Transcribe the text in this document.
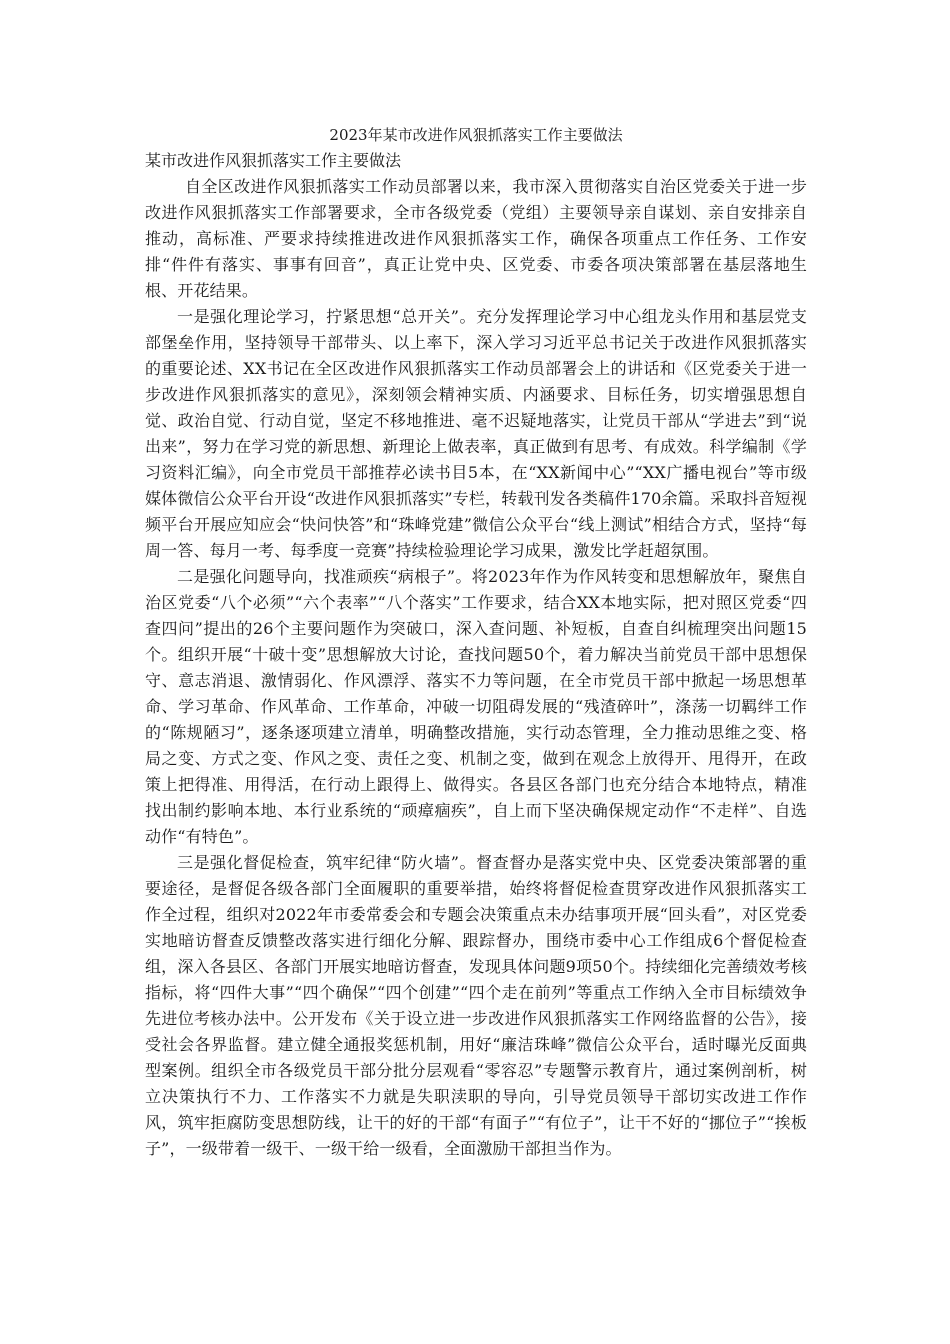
2023年某市改进作风狠抓落实工作主要做法

某市改进作风狠抓落实工作主要做法

自全区改进作风狠抓落实工作动员部署以来，我市深入贯彻落实自治区党委关于进一步改进作风狠抓落实工作部署要求，全市各级党委（党组）主要领导亲自谋划、亲自安排亲自推动，高标准、严要求持续推进改进作风狠抓落实工作，确保各项重点工作任务、工作安排“件件有落实、事事有回音”，真正让党中央、区党委、市委各项决策部署在基层落地生根、开花结果。

一是强化理论学习，拧紧思想“总开关”。充分发挥理论学习中心组龙头作用和基层党支部堡垒作用，坚持领导干部带头、以上率下，深入学习习近平总书记关于改进作风狠抓落实的重要论述、XX书记在全区改进作风狠抓落实工作动员部署会上的讲话和《区党委关于进一步改进作风狠抓落实的意见》，深刻领会精神实质、内涵要求、目标任务，切实增强思想自觉、政治自觉、行动自觉，坚定不移地推进、毫不迟疑地落实，让党员干部从“学进去”到“说出来”，努力在学习党的新思想、新理论上做表率，真正做到有思考、有成效。科学编制《学习资料汇编》，向全市党员干部推荐必读书目5本，在“XX新闻中心”“XX广播电视台”等市级媒体微信公众平台开设“改进作风狠抓落实”专栏，转载刊发各类稿件170余篇。采取抖音短视频平台开展应知应会“快问快答”和“珠峰党建”微信公众平台“线上测试”相结合方式，坚持“每周一答、每月一考、每季度一竞赛”持续检验理论学习成果，激发比学赶超氛围。

二是强化问题导向，找准顽疾“病根子”。将2023年作为作风转变和思想解放年，聚焦自治区党委“八个必须”“六个表率”“八个落实”工作要求，结合XX本地实际，把对照区党委“四查四问”提出的26个主要问题作为突破口，深入查问题、补短板，自查自纠梳理突出问题15个。组织开展“十破十变”思想解放大讨论，查找问题50个，着力解决当前党员干部中思想保守、意志消退、激情弱化、作风漂浮、落实不力等问题，在全市党员干部中掀起一场思想革命、学习革命、作风革命、工作革命，冲破一切阻碍发展的“残渣碎叶”，涤荡一切羁绊工作的“陈规陋习”，逐条逐项建立清单，明确整改措施，实行动态管理，全力推动思维之变、格局之变、方式之变、作风之变、责任之变、机制之变，做到在观念上放得开、甩得开，在政策上把得准、用得活，在行动上跟得上、做得实。各县区各部门也充分结合本地特点，精准找出制约影响本地、本行业系统的“顽瘴痼疾”，自上而下坚决确保规定动作“不走样”、自选动作“有特色”。

三是强化督促检查，筑牢纪律“防火墙”。督查督办是落实党中央、区党委决策部署的重要途径，是督促各级各部门全面履职的重要举措，始终将督促检查贯穿改进作风狠抓落实工作全过程，组织对2022年市委常委会和专题会决策重点未办结事项开展“回头看”，对区党委实地暗访督查反馈整改落实进行细化分解、跟踪督办，围绕市委中心工作组成6个督促检查组，深入各县区、各部门开展实地暗访督查，发现具体问题9项50个。持续细化完善绩效考核指标，将“四件大事”“四个确保”“四个创建”“四个走在前列”等重点工作纳入全市目标绩效争先进位考核办法中。公开发布《关于设立进一步改进作风狠抓落实工作网络监督的公告》，接受社会各界监督。建立健全通报奖惩机制，用好“廉洁珠峰”微信公众平台，适时曝光反面典型案例。组织全市各级党员干部分批分层观看“零容忍”专题警示教育片，通过案例剖析，树立决策执行不力、工作落实不力就是失职渎职的导向，引导党员领导干部切实改进工作作风，筑牢拒腐防变思想防线，让干的好的干部“有面子”“有位子”，让干不好的“挪位子”“挨板子”，一级带着一级干、一级干给一级看，全面激励干部担当作为。
